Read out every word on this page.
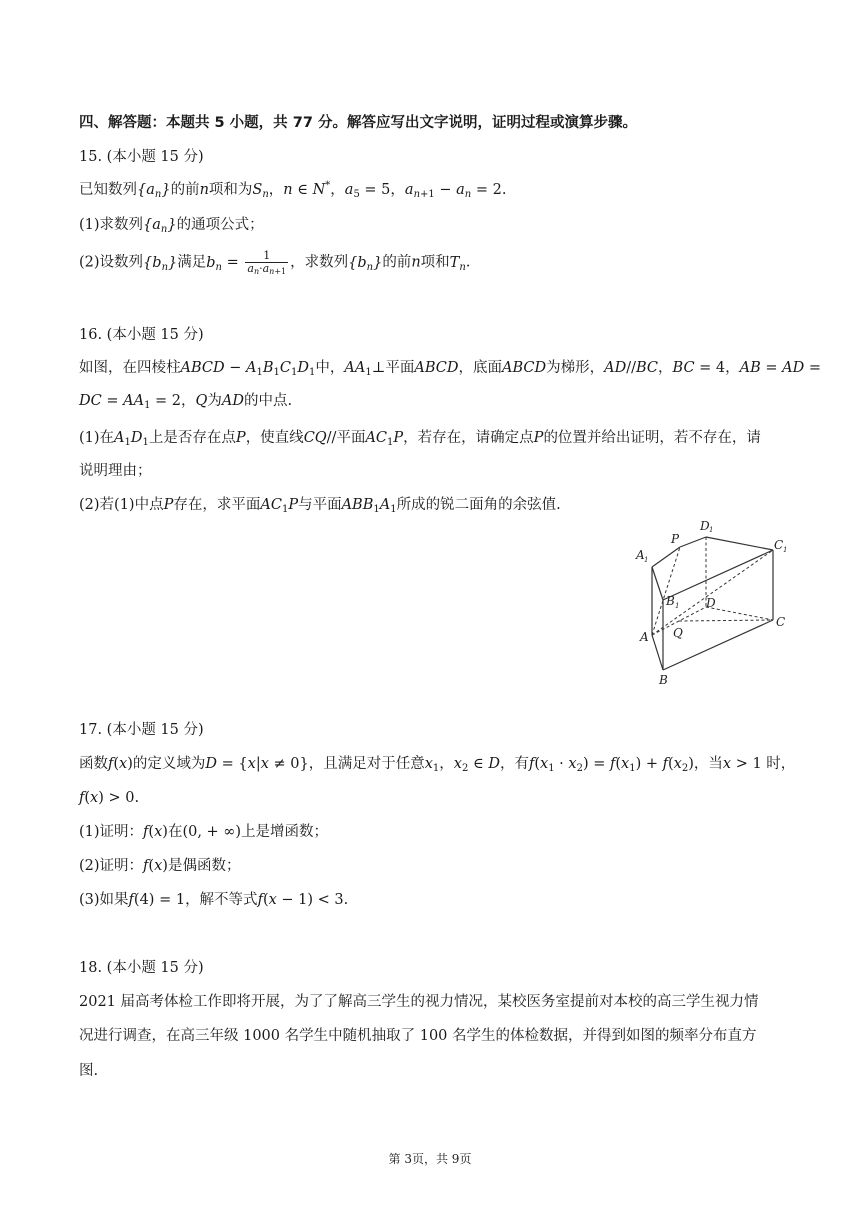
四、解答题：本题共 5 小题，共 77 分。解答应写出文字说明，证明过程或演算步骤。
15. (本小题 15 分)
已知数列$\{a_n\}$的前n项和为$S_n$，n ∈ N*，$a_5 = 5$，$a_{n+1} - a_n = 2$.
(1)求数列$\{a_n\}$的通项公式；
(2)设数列$\{b_n\}$满足$b_n = \frac{1}{a_n\cdot a_{n+1}}$ ，求数列$\{b_n\}$的前n项和$T_n$.
16. (本小题 15 分)
如图，在四棱柱ABCD − $A_1B_1C_1D_1$中，$AA_1\perp$平面ABCD，底面ABCD为梯形，AD//BC，BC = 4，AB = AD =
DC = $AA_1 = 2$，Q为AD的中点.
(1)在$A_1D_1$上是否存在点P，使直线CQ//平面$AC_1P$，若存在，请确定点P的位置并给出证明，若不存在，请
说明理由；
(2)若(1)中点P存在，求平面$AC_1P$与平面$ABB_1A_1$所成的锐二面角的余弦值.
D 1
P
A 1
C 1
B 1 D
A Q
C
B
17. (本小题 15 分)
函数f(x)的定义域为D = {x|x ≠ 0}，且满足对于任意$x_1$，$x_2$ ∈ D，有$f(x_1 \cdot x_2) = f(x_1) + f(x_2)$，当x > 1 时，
f(x) > 0.
(1)证明：f(x)在(0, + ∞)上是增函数；
(2)证明：f(x)是偶函数；
(3)如果f(4) = 1，解不等式f(x − 1) < 3.
18. (本小题 15 分)
2021 届高考体检工作即将开展，为了了解高三学生的视力情况，某校医务室提前对本校的高三学生视力情
况进行调查，在高三年级 1000 名学生中随机抽取了 100 名学生的体检数据，并得到如图的频率分布直方
图.
第 3页，共 9页
